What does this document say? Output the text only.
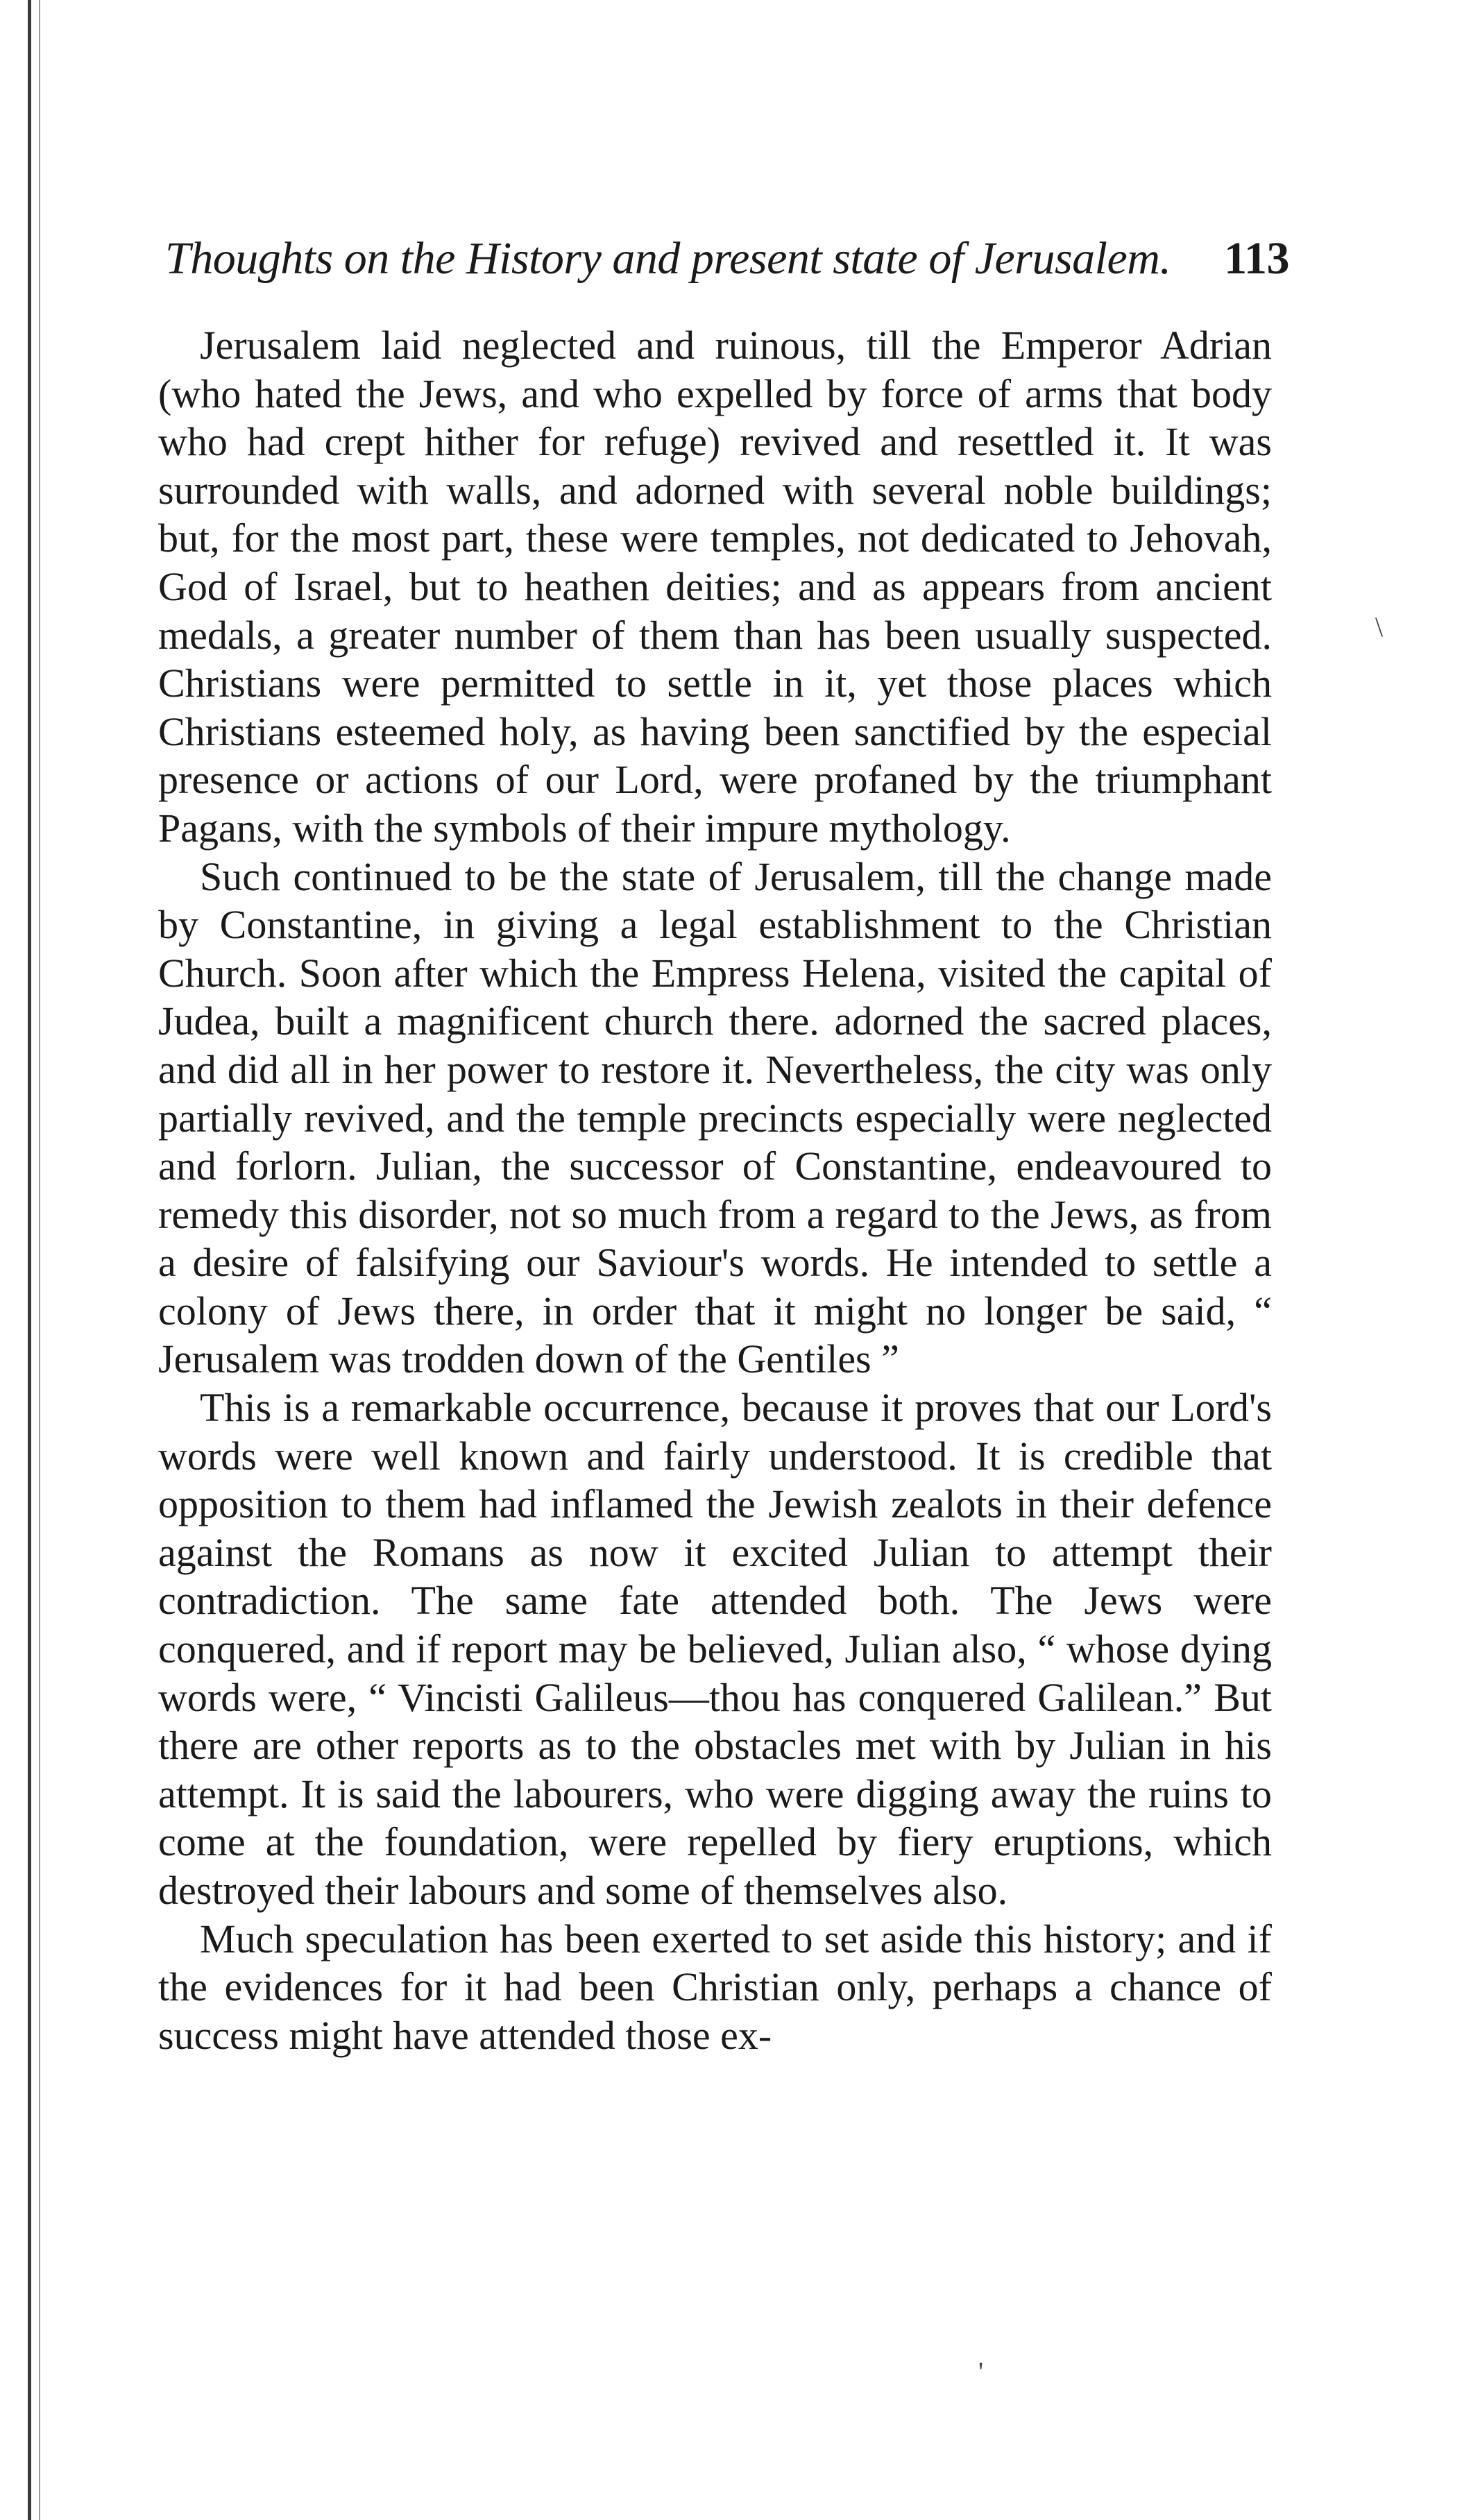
Thoughts on the History and present state of Jerusalem. 113

Jerusalem laid neglected and ruinous, till the Emperor Adrian (who hated the Jews, and who expelled by force of arms that body who had crept hither for refuge) revived and resettled it. It was surrounded with walls, and adorned with several noble buildings; but, for the most part, these were temples, not dedicated to Jehovah, God of Israel, but to heathen deities; and as appears from ancient medals, a greater number of them than has been usually suspected. Christians were permitted to settle in it, yet those places which Christians esteemed holy, as having been sanctified by the especial presence or actions of our Lord, were profaned by the triumphant Pagans, with the symbols of their impure mythology.

Such continued to be the state of Jerusalem, till the change made by Constantine, in giving a legal establishment to the Christian Church. Soon after which the Empress Helena, visited the capital of Judea, built a magnificent church there. adorned the sacred places, and did all in her power to restore it. Nevertheless, the city was only partially revived, and the temple precincts especially were neglected and forlorn. Julian, the successor of Constantine, endeavoured to remedy this disorder, not so much from a regard to the Jews, as from a desire of falsifying our Saviour's words. He intended to settle a colony of Jews there, in order that it might no longer be said, “ Jerusalem was trodden down of the Gentiles ”

This is a remarkable occurrence, because it proves that our Lord's words were well known and fairly understood. It is credible that opposition to them had inflamed the Jewish zealots in their defence against the Romans as now it excited Julian to attempt their contradiction. The same fate attended both. The Jews were conquered, and if report may be believed, Julian also, “ whose dying words were, “ Vincisti Galileus—thou has conquered Galilean.” But there are other reports as to the obstacles met with by Julian in his attempt. It is said the labourers, who were digging away the ruins to come at the foundation, were repelled by fiery eruptions, which destroyed their labours and some of themselves also.

Much speculation has been exerted to set aside this history; and if the evidences for it had been Christian only, perhaps a chance of success might have attended those ex-

\
'
